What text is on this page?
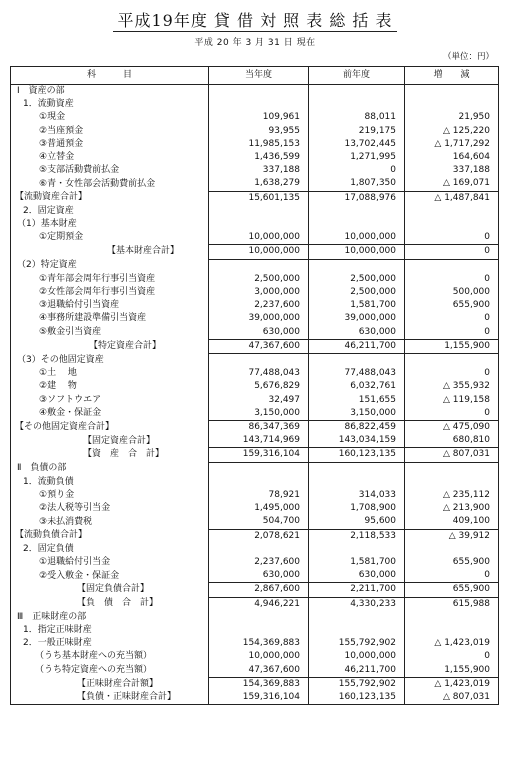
平成19年度 貸 借 対 照 表 総 括 表
平成 20 年 3 月 31 日 現在
（単位：円）
科　　　目	当年度	前年度	増　　減
Ⅰ　資産の部			
1．流動資産			
①現金	109,961	88,011	21,950
②当座預金	93,955	219,175	△ 125,220
③普通預金	11,985,153	13,702,445	△ 1,717,292
④立替金	1,436,599	1,271,995	164,604
⑤支部活動費前払金	337,188	0	337,188
⑥青・女性部会活動費前払金	1,638,279	1,807,350	△ 169,071
【流動資産合計】	15,601,135	17,088,976	△ 1,487,841
2．固定資産			
（1）基本財産			
①定期預金	10,000,000	10,000,000	0
【基本財産合計】	10,000,000	10,000,000	0
（2）特定資産			
①青年部会周年行事引当資産	2,500,000	2,500,000	0
②女性部会周年行事引当資産	3,000,000	2,500,000	500,000
③退職給付引当資産	2,237,600	1,581,700	655,900
④事務所建設準備引当資産	39,000,000	39,000,000	0
⑤敷金引当資産	630,000	630,000	0
【特定資産合計】	47,367,600	46,211,700	1,155,900
（3）その他固定資産			
①土　 地	77,488,043	77,488,043	0
②建　 物	5,676,829	6,032,761	△ 355,932
③ソフトウエア	32,497	151,655	△ 119,158
④敷金・保証金	3,150,000	3,150,000	0
【その他固定資産合計】	86,347,369	86,822,459	△ 475,090
【固定資産合計】	143,714,969	143,034,159	680,810
【資　産　合　計】	159,316,104	160,123,135	△ 807,031
Ⅱ　負債の部			
1．流動負債			
①預り金	78,921	314,033	△ 235,112
②法人税等引当金	1,495,000	1,708,900	△ 213,900
③未払消費税	504,700	95,600	409,100
【流動負債合計】	2,078,621	2,118,533	△ 39,912
2．固定負債			
①退職給付引当金	2,237,600	1,581,700	655,900
②受入敷金・保証金	630,000	630,000	0
【固定負債合計】	2,867,600	2,211,700	655,900
【負　債　合　計】	4,946,221	4,330,233	615,988
Ⅲ　正味財産の部			
1．指定正味財産			
2．一般正味財産	154,369,883	155,792,902	△ 1,423,019
（うち基本財産への充当額）	10,000,000	10,000,000	0
（うち特定資産への充当額）	47,367,600	46,211,700	1,155,900
【正味財産合計額】	154,369,883	155,792,902	△ 1,423,019
【負債・正味財産合計】	159,316,104	160,123,135	△ 807,031
